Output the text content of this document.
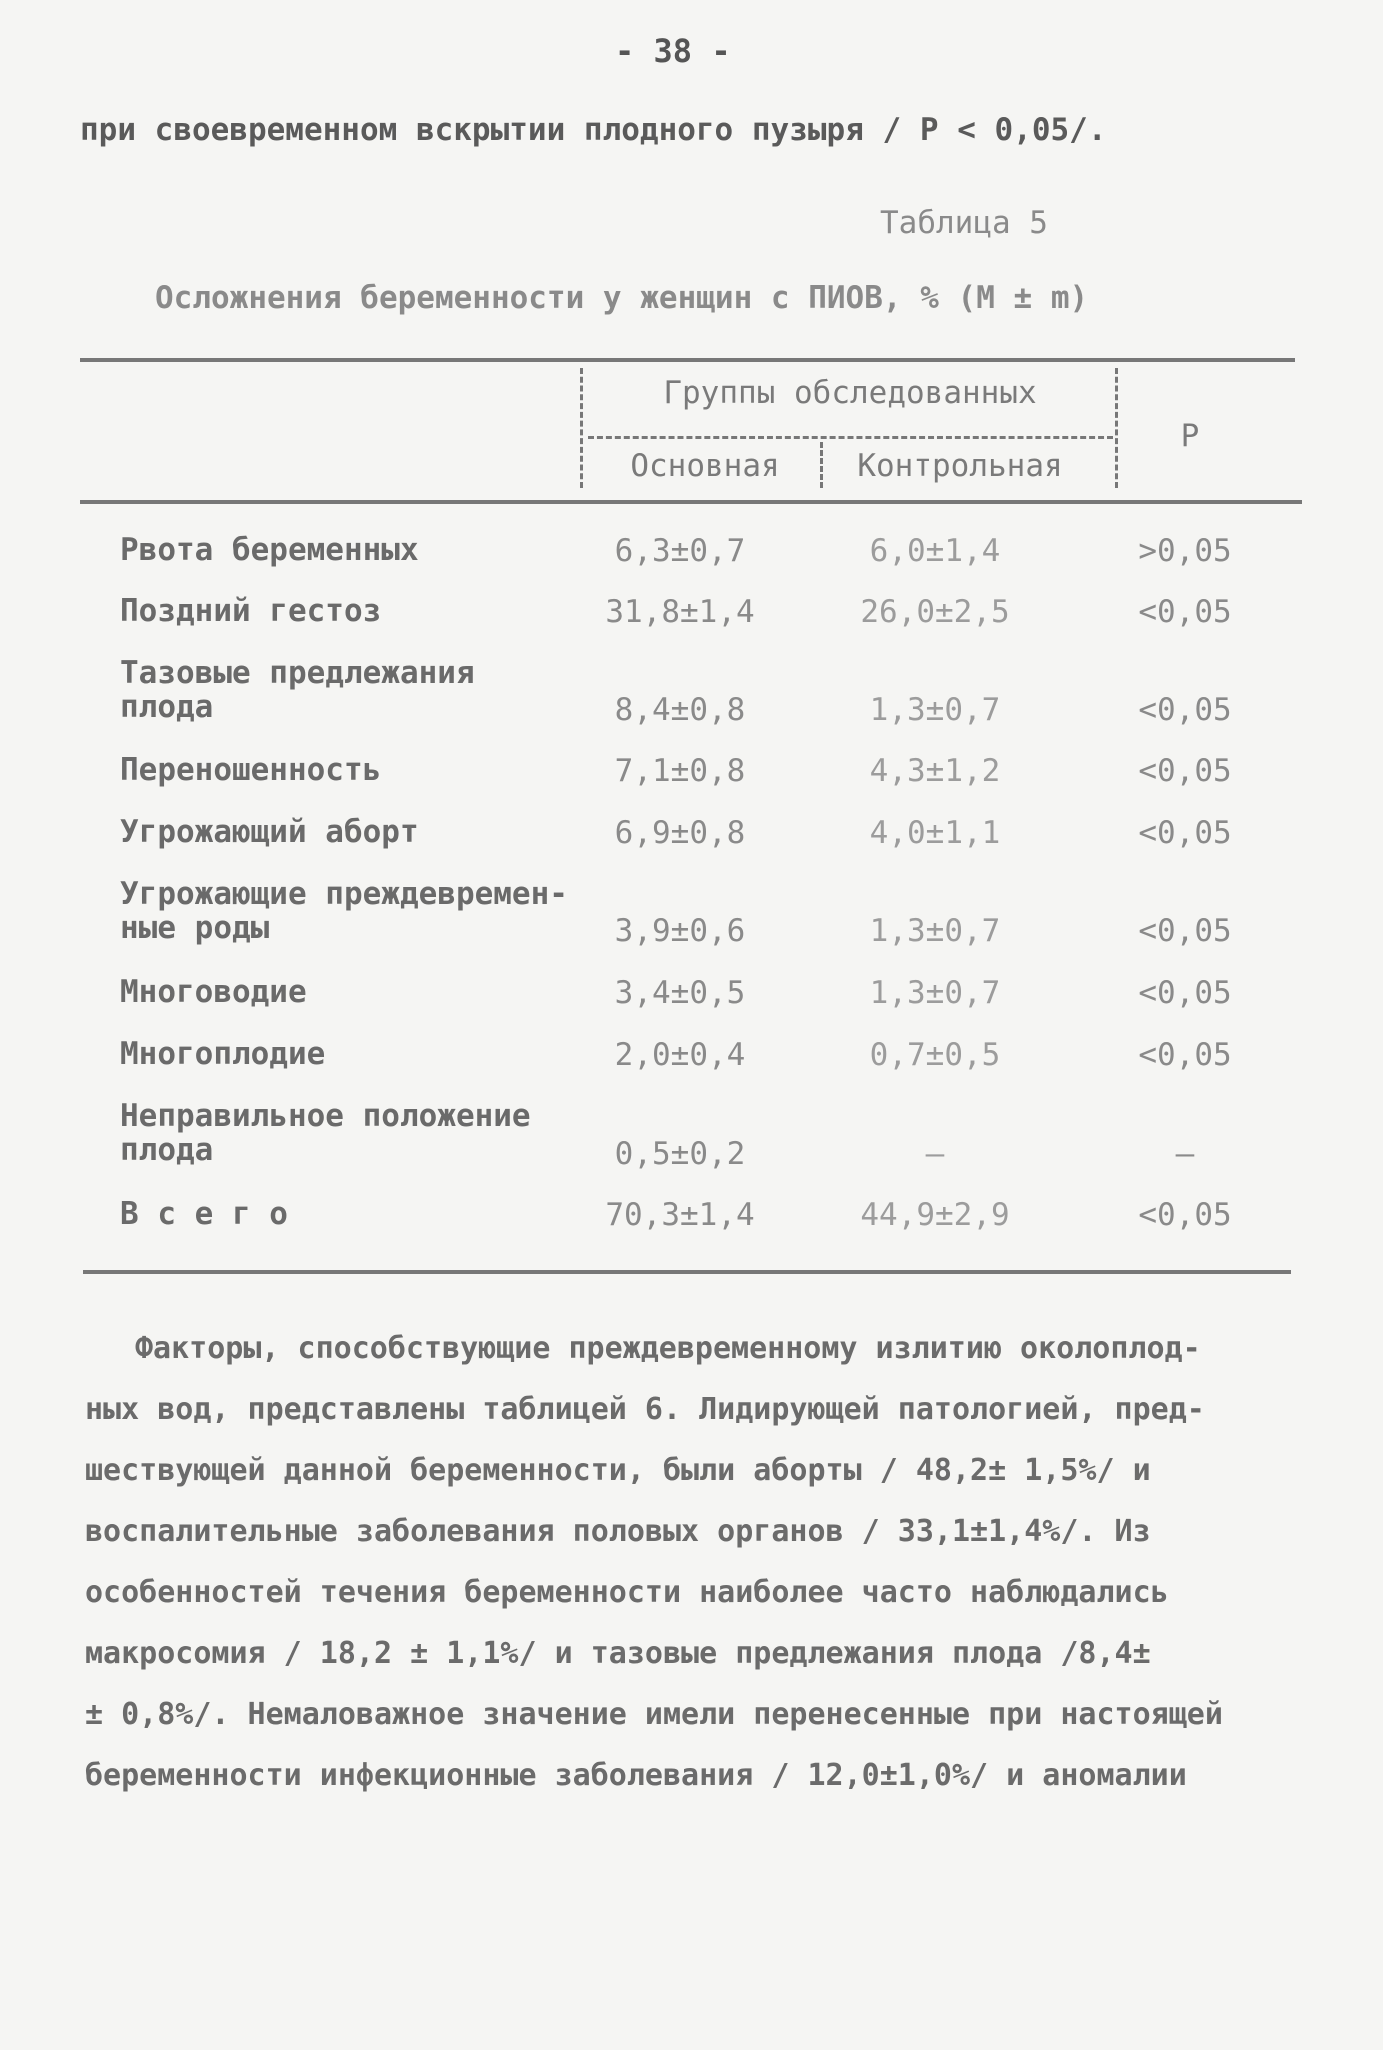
- 38 -
при своевременном вскрытии плодного пузыря / Р < 0,05/.
Таблица 5
Осложнения беременности у женщин с ПИОВ, % (М ± m)
Группы обследованных
Основная	Контрольная
Р
Рвота беременных	6,3±0,7	6,0±1,4	>0,05
Поздний гестоз	31,8±1,4	26,0±2,5	<0,05
Тазовые предлежания плода	8,4±0,8	1,3±0,7	<0,05
Перенoшенность	7,1±0,8	4,3±1,2	<0,05
Угрожающий аборт	6,9±0,8	4,0±1,1	<0,05
Угрожающие преждевремен-ные роды	3,9±0,6	1,3±0,7	<0,05
Многоводие	3,4±0,5	1,3±0,7	<0,05
Многоплодие	2,0±0,4	0,7±0,5	<0,05
Неправильное положение плода	0,5±0,2	–	–
В с е г о	70,3±1,4	44,9±2,9	<0,05
Факторы, способствующие преждевременному излитию околоплод-
ных вод, представлены таблицей 6. Лидирующей патологией, пред-
шествующей данной беременности, были аборты / 48,2± 1,5%/ и
воспалительные заболевания половых органов / 33,1±1,4%/. Из
особенностей течения беременности наиболее часто наблюдались
макросомия / 18,2 ± 1,1%/ и тазовые предлежания плода /8,4±
± 0,8%/. Немаловажное значение имели перенесенные при настоящей
беременности инфекционные заболевания / 12,0±1,0%/ и аномалии
